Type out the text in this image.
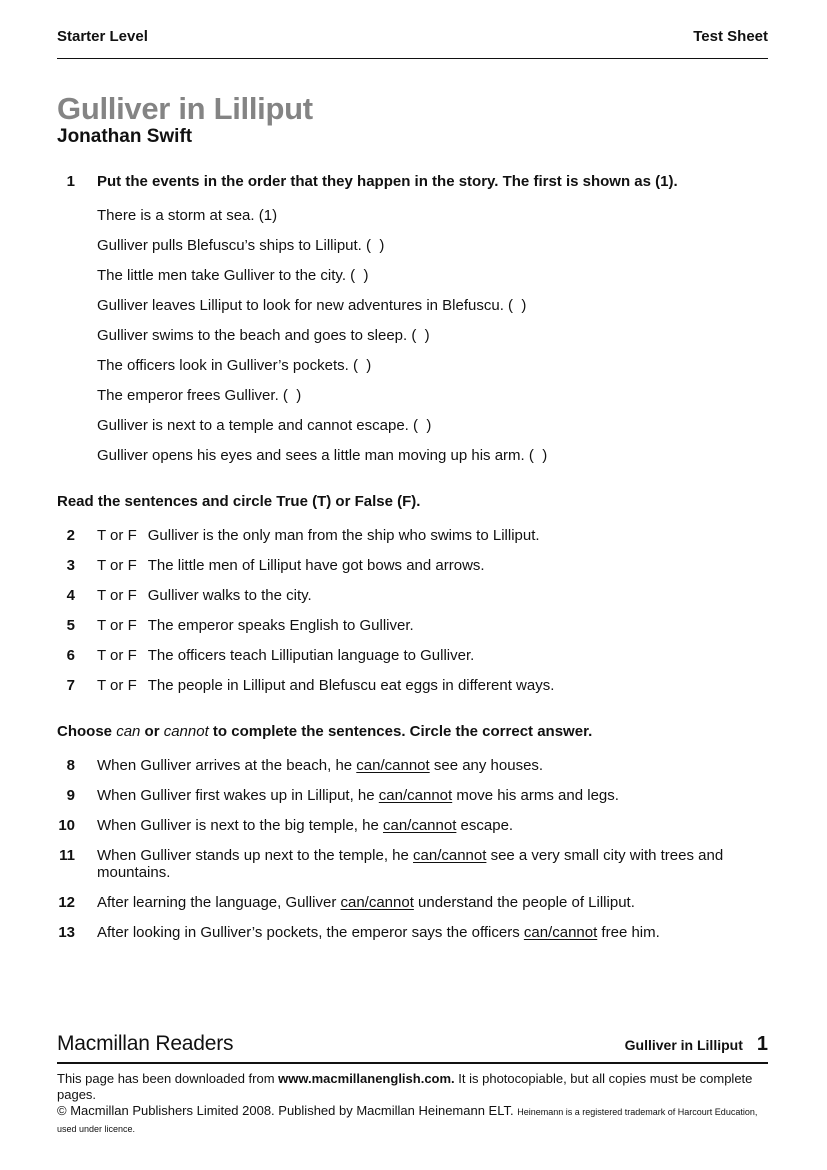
Starter Level	Test Sheet
Gulliver in Lilliput
Jonathan Swift
1 Put the events in the order that they happen in the story. The first is shown as (1).
There is a storm at sea. (1)
Gulliver pulls Blefuscu’s ships to Lilliput. (  )
The little men take Gulliver to the city. (  )
Gulliver leaves Lilliput to look for new adventures in Blefuscu. (  )
Gulliver swims to the beach and goes to sleep. (  )
The officers look in Gulliver’s pockets. (  )
The emperor frees Gulliver. (  )
Gulliver is next to a temple and cannot escape. (  )
Gulliver opens his eyes and sees a little man moving up his arm. (  )
Read the sentences and circle True (T) or False (F).
2 T or F Gulliver is the only man from the ship who swims to Lilliput.
3 T or F The little men of Lilliput have got bows and arrows.
4 T or F Gulliver walks to the city.
5 T or F The emperor speaks English to Gulliver.
6 T or F The officers teach Lilliputian language to Gulliver.
7 T or F The people in Lilliput and Blefuscu eat eggs in different ways.
Choose can or cannot to complete the sentences. Circle the correct answer.
8 When Gulliver arrives at the beach, he can/cannot see any houses.
9 When Gulliver first wakes up in Lilliput, he can/cannot move his arms and legs.
10 When Gulliver is next to the big temple, he can/cannot escape.
11 When Gulliver stands up next to the temple, he can/cannot see a very small city with trees and mountains.
12 After learning the language, Gulliver can/cannot understand the people of Lilliput.
13 After looking in Gulliver’s pockets, the emperor says the officers can/cannot free him.
Macmillan Readers	Gulliver in Lilliput 1
This page has been downloaded from www.macmillanenglish.com. It is photocopiable, but all copies must be complete pages.
© Macmillan Publishers Limited 2008. Published by Macmillan Heinemann ELT. Heinemann is a registered trademark of Harcourt Education, used under licence.
